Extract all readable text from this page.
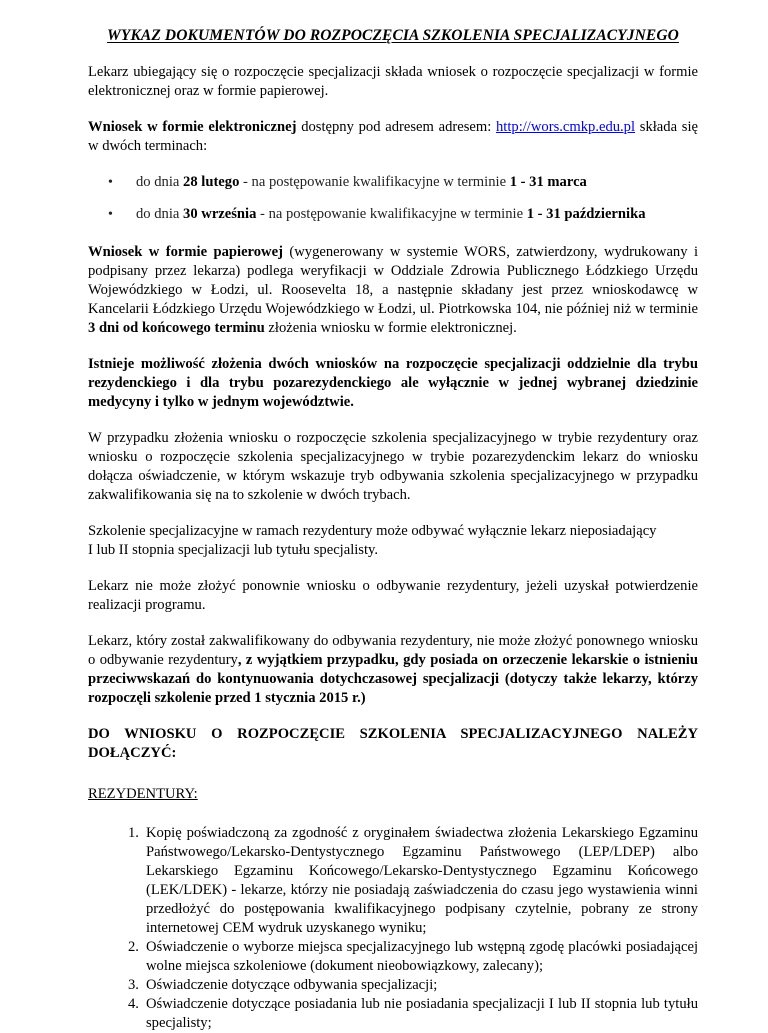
WYKAZ DOKUMENTÓW DO ROZPOCZĘCIA SZKOLENIA SPECJALIZACYJNEGO

Lekarz ubiegający się o rozpoczęcie specjalizacji składa wniosek o rozpoczęcie specjalizacji w formie elektronicznej oraz w formie papierowej.

Wniosek w formie elektronicznej dostępny pod adresem adresem: http://wors.cmkp.edu.pl składa się w dwóch terminach:

• do dnia 28 lutego - na postępowanie kwalifikacyjne w terminie 1 - 31 marca
• do dnia 30 września - na postępowanie kwalifikacyjne w terminie 1 - 31 października

Wniosek w formie papierowej (wygenerowany w systemie WORS, zatwierdzony, wydrukowany i podpisany przez lekarza) podlega weryfikacji w Oddziale Zdrowia Publicznego Łódzkiego Urzędu Wojewódzkiego w Łodzi, ul. Roosevelta 18, a następnie składany jest przez wnioskodawcę w Kancelarii Łódzkiego Urzędu Wojewódzkiego w Łodzi, ul. Piotrkowska 104, nie później niż w terminie 3 dni od końcowego terminu złożenia wniosku w formie elektronicznej.

Istnieje możliwość złożenia dwóch wniosków na rozpoczęcie specjalizacji oddzielnie dla trybu rezydenckiego i dla trybu pozarezydenckiego ale wyłącznie w jednej wybranej dziedzinie medycyny i tylko w jednym województwie.

W przypadku złożenia wniosku o rozpoczęcie szkolenia specjalizacyjnego w trybie rezydentury oraz wniosku o rozpoczęcie szkolenia specjalizacyjnego w trybie pozarezydenckim lekarz do wniosku dołącza oświadczenie, w którym wskazuje tryb odbywania szkolenia specjalizacyjnego w przypadku zakwalifikowania się na to szkolenie w dwóch trybach.

Szkolenie specjalizacyjne w ramach rezydentury może odbywać wyłącznie lekarz nieposiadający
I lub II stopnia specjalizacji lub tytułu specjalisty.

Lekarz nie może złożyć ponownie wniosku o odbywanie rezydentury, jeżeli uzyskał potwierdzenie realizacji programu.

Lekarz, który został zakwalifikowany do odbywania rezydentury, nie może złożyć ponownego wniosku o odbywanie rezydentury, z wyjątkiem przypadku, gdy posiada on orzeczenie lekarskie o istnieniu przeciwwskazań do kontynuowania dotychczasowej specjalizacji (dotyczy także lekarzy, którzy rozpoczęli szkolenie przed 1 stycznia 2015 r.)

DO WNIOSKU O ROZPOCZĘCIE SZKOLENIA SPECJALIZACYJNEGO NALEŻY DOŁĄCZYĆ:
REZYDENTURY:
1. Kopię poświadczoną za zgodność z oryginałem świadectwa złożenia Lekarskiego Egzaminu Państwowego/Lekarsko-Dentystycznego Egzaminu Państwowego (LEP/LDEP) albo Lekarskiego Egzaminu Końcowego/Lekarsko-Dentystycznego Egzaminu Końcowego (LEK/LDEK) - lekarze, którzy nie posiadają zaświadczenia do czasu jego wystawienia winni przedłożyć do postępowania kwalifikacyjnego podpisany czytelnie, pobrany ze strony internetowej CEM wydruk uzyskanego wyniku;
2. Oświadczenie o wyborze miejsca specjalizacyjnego lub wstępną zgodę placówki posiadającej wolne miejsca szkoleniowe (dokument nieobowiązkowy, zalecany);
3. Oświadczenie dotyczące odbywania specjalizacji;
4. Oświadczenie dotyczące posiadania lub nie posiadania specjalizacji I lub II stopnia lub tytułu specjalisty;
